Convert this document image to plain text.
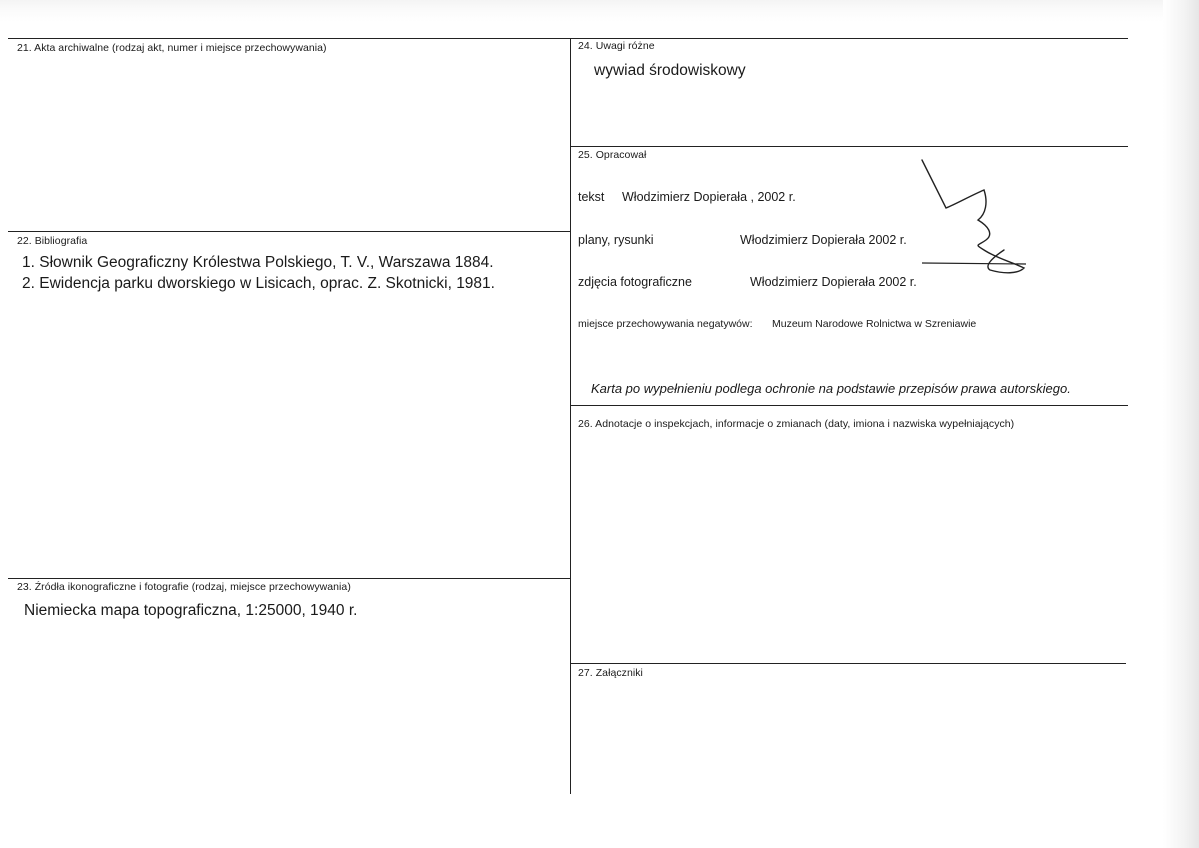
21. Akta archiwalne (rodzaj akt, numer i miejsce przechowywania)
22. Bibliografia
1. Słownik Geograficzny Królestwa Polskiego, T. V., Warszawa 1884.
2. Ewidencja parku dworskiego w Lisicach, oprac. Z. Skotnicki, 1981.
23. Źródła ikonograficzne i fotografie (rodzaj, miejsce przechowywania)
Niemiecka mapa topograficzna, 1:25000, 1940 r.
24. Uwagi różne
wywiad środowiskowy
25. Opracował
tekst Włodzimierz Dopierała , 2002 r.
plany, rysunki	Włodzimierz Dopierała 2002 r.
zdjęcia fotograficzne	Włodzimierz Dopierała 2002 r.
miejsce przechowywania negatywów: Muzeum Narodowe Rolnictwa w Szreniawie
Karta po wypełnieniu podlega ochronie na podstawie przepisów prawa autorskiego.
26. Adnotacje o inspekcjach, informacje o zmianach (daty, imiona i nazwiska wypełniających)
27. Załączniki
